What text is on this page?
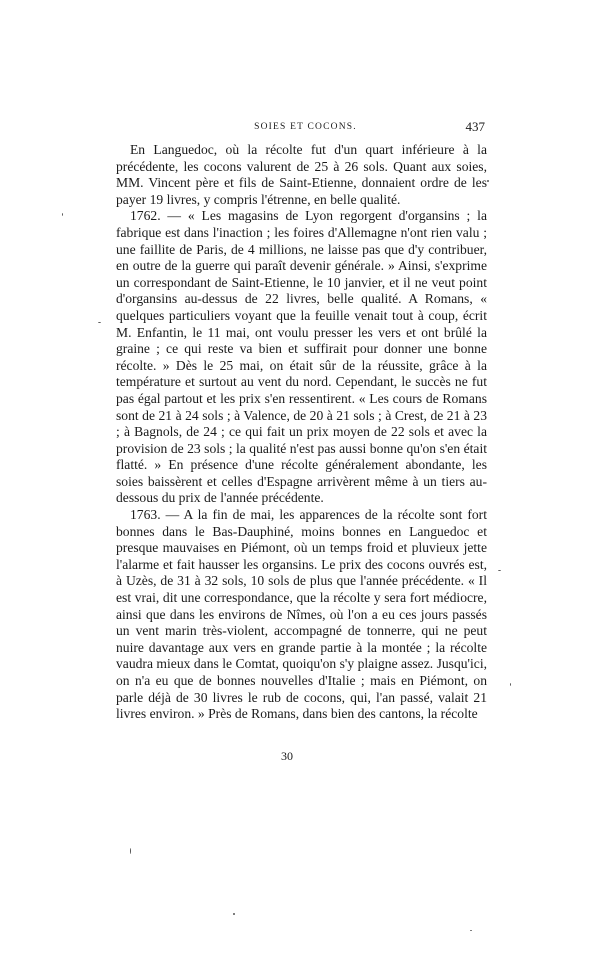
SOIES ET COCONS.	437

En Languedoc, où la récolte fut d'un quart inférieure à la précédente, les cocons valurent de 25 à 26 sols. Quant aux soies, MM. Vincent père et fils de Saint-Etienne, donnaient ordre de les payer 19 livres, y compris l'étrenne, en belle qualité.

1762. — « Les magasins de Lyon regorgent d'organsins ; la fabrique est dans l'inaction ; les foires d'Allemagne n'ont rien valu ; une faillite de Paris, de 4 millions, ne laisse pas que d'y contribuer, en outre de la guerre qui paraît devenir générale. » Ainsi, s'exprime un correspondant de Saint-Etienne, le 10 janvier, et il ne veut point d'organsins au-dessus de 22 livres, belle qualité. A Romans, « quelques particuliers voyant que la feuille venait tout à coup, écrit M. Enfantin, le 11 mai, ont voulu presser les vers et ont brûlé la graine ; ce qui reste va bien et suffirait pour donner une bonne récolte. » Dès le 25 mai, on était sûr de la réussite, grâce à la température et surtout au vent du nord. Cependant, le succès ne fut pas égal partout et les prix s'en ressentirent. « Les cours de Romans sont de 21 à 24 sols ; à Valence, de 20 à 21 sols ; à Crest, de 21 à 23 ; à Bagnols, de 24 ; ce qui fait un prix moyen de 22 sols et avec la provision de 23 sols ; la qualité n'est pas aussi bonne qu'on s'en était flatté. » En présence d'une récolte généralement abondante, les soies baissèrent et celles d'Espagne arrivèrent même à un tiers au-dessous du prix de l'année précédente.

1763. — A la fin de mai, les apparences de la récolte sont fort bonnes dans le Bas-Dauphiné, moins bonnes en Languedoc et presque mauvaises en Piémont, où un temps froid et pluvieux jette l'alarme et fait hausser les organsins. Le prix des cocons ouvrés est, à Uzès, de 31 à 32 sols, 10 sols de plus que l'année précédente. « Il est vrai, dit une correspondance, que la récolte y sera fort médiocre, ainsi que dans les environs de Nîmes, où l'on a eu ces jours passés un vent marin très-violent, accompagné de tonnerre, qui ne peut nuire davantage aux vers en grande partie à la montée ; la récolte vaudra mieux dans le Comtat, quoiqu'on s'y plaigne assez. Jusqu'ici, on n'a eu que de bonnes nouvelles d'Italie ; mais en Piémont, on parle déjà de 30 livres le rub de cocons, qui, l'an passé, valait 21 livres environ. » Près de Romans, dans bien des cantons, la récolte

30
